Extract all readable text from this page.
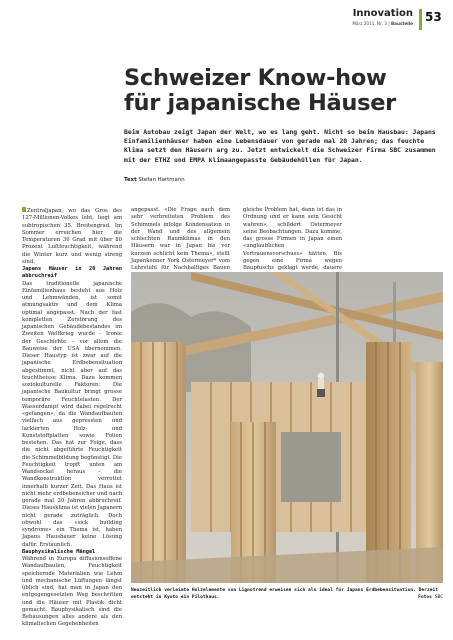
Innovation
März 2011, Nr. 3 | Baustelle 53
Schweizer Know-how
für japanische Häuser

Beim Autobau zeigt Japan der Welt, wo es lang geht. Nicht so beim Hausbau: Japans Einfamilienhäuser haben eine Lebensdauer von gerade mal 20 Jahren; das feuchte Klima setzt den Häusern arg zu. Jetzt entwickelt die Schweizer Firma SBC zusammen mit der ETHZ und EMPA klimaangepasste Gebäudehüllen für Japan.

Text Stefan Hartmann

Zentraljapan, wo das Gros des 127-Millionen-Volkes lebt, liegt am subtropischen 35. Breitengrad. Im Sommer erreichen hier die Temperaturen 30 Grad mit über 80 Prozent Luftfeuchtigkeit, während die Winter kurz und wenig streng sind.

Japans Häuser in 20 Jahren abbruchreif

Das traditionelle japanische Einfamilienhaus besteht aus Holz und Lehmwänden, ist somit atmungsaktiv und dem Klima optimal angepasst. Nach der fast kompletten Zerstörung des japanischen Gebäudebestandes im Zweiten Weltkrieg wurde – Ironie der Geschichte – vor allem die Bauweise der USA übernommen. Dieser Haustyp ist zwar auf die japanische Erdbebensituation abgestimmt, nicht aber auf das feuchtheisse Klima. Dazu kommen soziokulturelle Faktoren: Die japanische Baukultur bringt grosse temporäre Feuchtelasten. Der Wasserdampf wird dabei regelrecht «gefangen», da die Wandaufbauten vielfach aus gepressten und lackierten Holz- und Kunststoffplatten sowie Folien bestehen. Das hat zur Folge, dass die nicht abgeführte Feuchtigkeit die Schimmelbildung begünstigt. Die Feuchtigkeit tropft unten am Wandsockel heraus – die Wandkonstruktion verrottet innerhalb kurzer Zeit. Das Haus ist nicht mehr erdbebensicher und nach gerade mal 20 Jahren abbruchreif. Dieses Hausklima ist vielen Japanern nicht gerade zuträglich. Doch obwohl das «sick building syndrome» ein Thema ist, haben Japans Hausbauer keine Lösung dafür. Erstaunlich.

Bauphysikalische Mängel

Während in Europa diffusionsoffene Wandaufbauten, Feuchtigkeit speichernde Materialien wie Lehm und mechanische Lüftungen längst üblich sind, hat man in Japan den entgegengesetzten Weg beschritten und die Häuser mit Plastik dicht gemacht. Bauphysikalisch sind die Behausungen alles andere als den klimatischen Gegebenheiten

angepasst. «Die Frage nach dem sehr verbreiteten Problem des Schimmels infolge Kondensation in der Wand und des allgemein schlechten Raumklimas in den Häusern war in Japan bis vor kurzem schlicht kein Thema», stellt Japankenner York Ostermeyer* vom Lehrstuhl für Nachhaltiges Bauen

gleiche Problem hat, dann ist das in Ordnung und er kann sein Gesicht wahren», schildert Ostermeyer seine Beobachtungen. Dazu komme, das grosse Firmen in Japan einen «unglaublichen Vertrauensvorschuss» hätten. Bis gegen eine Firma wegen Baupfuschs geklagt werde, dauere

Neuzeitlich verleimte Holzelemente von Lignotrend erweisen sich als ideal für Japans Erdbebensituation. Derzeit entsteht in Kyoto ein Pilothaus.	Fotos SBC
